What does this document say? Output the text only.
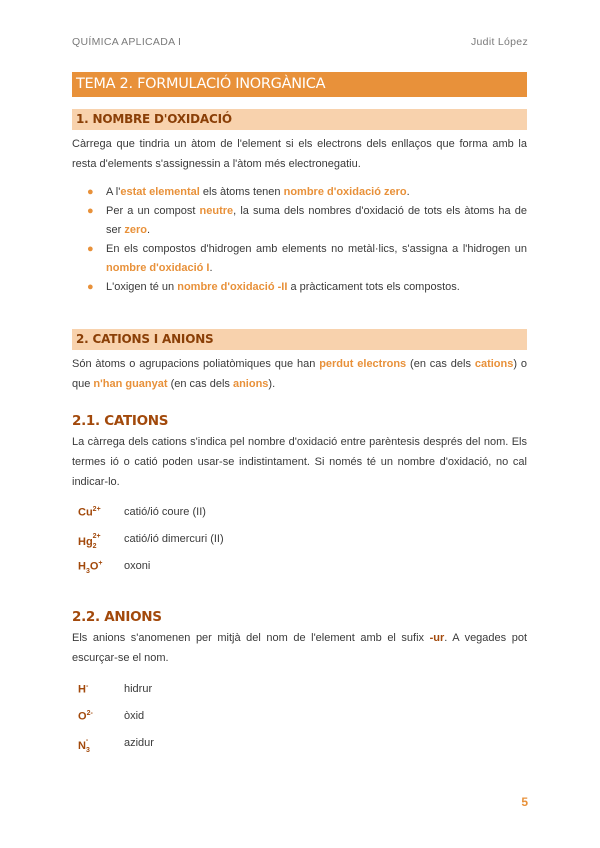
QUÍMICA APLICADA I	Judit López
TEMA 2. FORMULACIÓ INORGÀNICA
1. NOMBRE D'OXIDACIÓ

Càrrega que tindria un àtom de l'element si els electrons dels enllaços que forma amb la resta d'elements s'assignessin a l'àtom més electronegatiu.

● A l'estat elemental els àtoms tenen nombre d'oxidació zero.
● Per a un compost neutre, la suma dels nombres d'oxidació de tots els àtoms ha de ser zero.
● En els compostos d'hidrogen amb elements no metàl·lics, s'assigna a l'hidrogen un nombre d'oxidació I.
● L'oxigen té un nombre d'oxidació -II a pràcticament tots els compostos.
2. CATIONS I ANIONS

Són àtoms o agrupacions poliatòmiques que han perdut electrons (en cas dels cations) o que n'han guanyat (en cas dels anions).

2.1. CATIONS

La càrrega dels cations s'indica pel nombre d'oxidació entre parèntesis després del nom. Els termes ió o catió poden usar-se indistintament. Si només té un nombre d'oxidació, no cal indicar-lo.

$Cu^{2+}$ catió/ió coure (II)
$Hg_2^{2+}$ catió/ió dimercuri (II)
$H_3O^+$ oxoni
2.2. ANIONS

Els anions s'anomenen per mitjà del nom de l'element amb el sufix -ur. A vegades pot escurçar-se el nom.

H-	hidrur
$O^{2-}$	òxid
$N_3^-$	azidur
5
